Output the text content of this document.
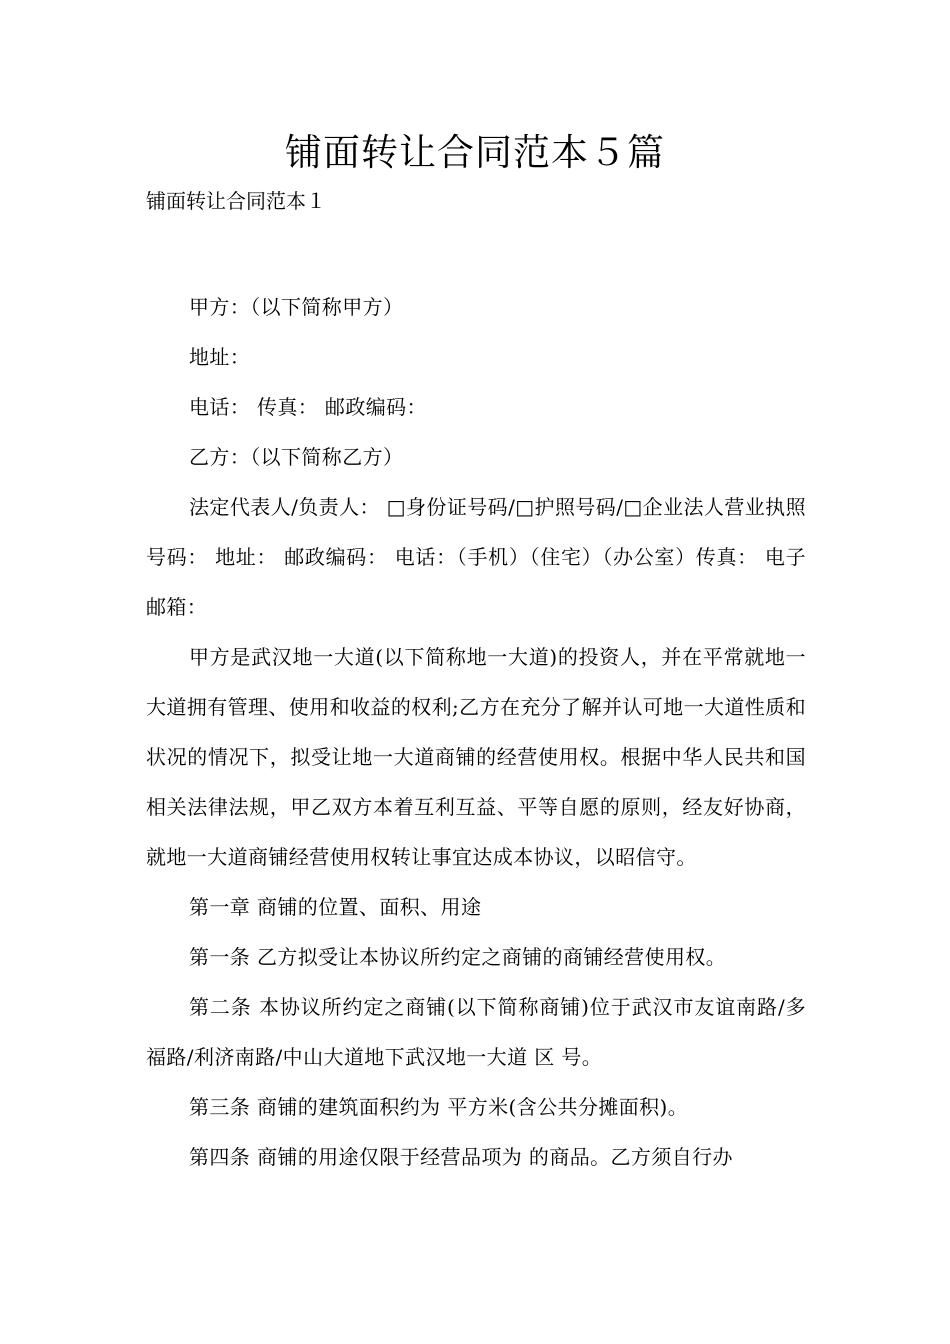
铺面转让合同范本５篇

铺面转让合同范本１

甲方：（以下简称甲方）

地址：

电话： 传真： 邮政编码：

乙方：（以下简称乙方）

法定代表人/负责人： □身份证号码/□护照号码/□企业法人营业执照号码： 地址： 邮政编码： 电话：（手机）（住宅）（办公室）传真： 电子邮箱：

甲方是武汉地一大道(以下简称地一大道)的投资人，并在平常就地一大道拥有管理、使用和收益的权利;乙方在充分了解并认可地一大道性质和状况的情况下，拟受让地一大道商铺的经营使用权。根据中华人民共和国相关法律法规，甲乙双方本着互利互益、平等自愿的原则，经友好协商，就地一大道商铺经营使用权转让事宜达成本协议，以昭信守。

第一章 商铺的位置、面积、用途

第一条 乙方拟受让本协议所约定之商铺的商铺经营使用权。

第二条 本协议所约定之商铺(以下简称商铺)位于武汉市友谊南路/多福路/利济南路/中山大道地下武汉地一大道 区 号。

第三条 商铺的建筑面积约为 平方米(含公共分摊面积)。

第四条 商铺的用途仅限于经营品项为 的商品。乙方须自行办
